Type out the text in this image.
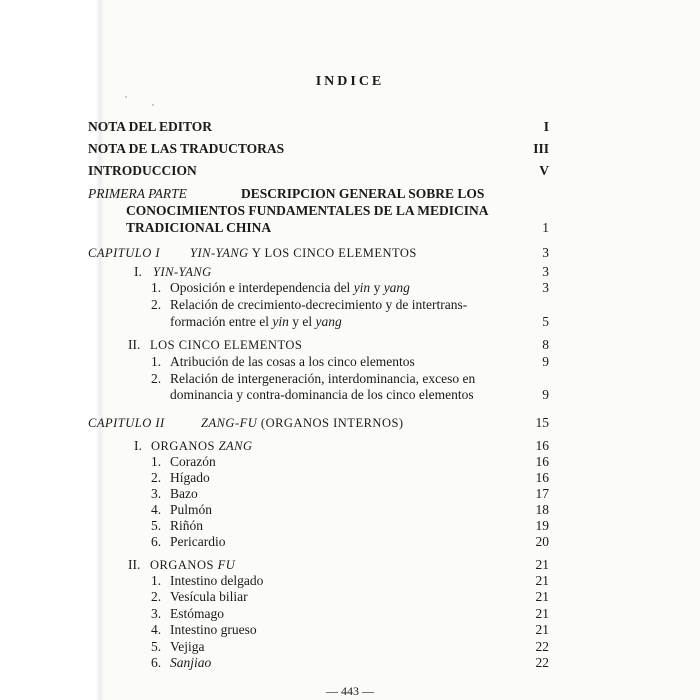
INDICE
NOTA DEL EDITOR	I
NOTA DE LAS TRADUCTORAS	III
INTRODUCCION	V
PRIMERA PARTE	DESCRIPCION GENERAL SOBRE LOS
CONOCIMIENTOS FUNDAMENTALES DE LA MEDICINA
TRADICIONAL CHINA	1
CAPITULO I YIN-YANG Y LOS CINCO ELEMENTOS	3
I. YIN-YANG	3
1. Oposición e interdependencia del yin y yang	3
2. Relación de crecimiento-decrecimiento y de intertrans-
formación entre el yin y el yang	5
II. LOS CINCO ELEMENTOS	8
1. Atribución de las cosas a los cinco elementos	9
2. Relación de intergeneración, interdominancia, exceso en
dominancia y contra-dominancia de los cinco elementos	9
CAPITULO II	ZANG-FU (ORGANOS INTERNOS)	15
I. ORGANOS ZANG	16
1. Corazón	16
2. Hígado	16
3. Bazo	17
4. Pulmón	18
5. Riñón	19
6. Pericardio	20
II. ORGANOS FU	21
1. Intestino delgado	21
2. Vesícula biliar	21
3. Estómago	21
4. Intestino grueso	21
5. Vejiga	22
6. Sanjiao	22
— 443 —
